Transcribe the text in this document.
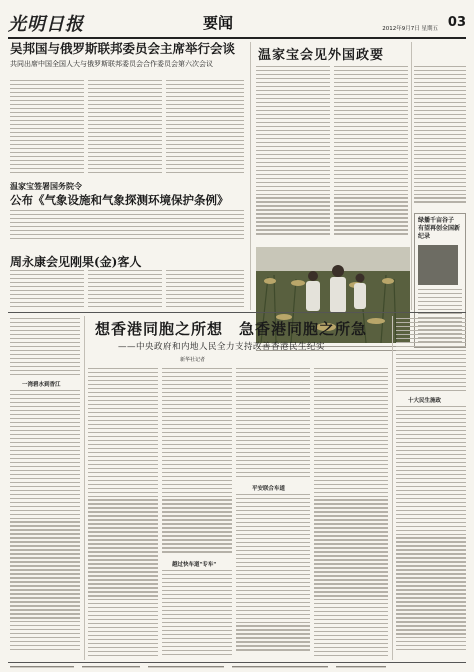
光明日报	要闻	2012年9月7日 星期五 03
吴邦国与俄罗斯联邦委员会主席举行会谈
共同出席中国全国人大与俄罗斯联邦委员会合作委员会第六次会议
温家宝会见外国政要
温家宝签署国务院令
公布《气象设施和气象探测环境保护条例》
周永康会见刚果(金)客人
绿播千亩谷子 有望再创全国新纪录
想香港同胞之所想　急香港同胞之所急
——中央政府和内地人民全力支持改善香港民生纪实
新华社记者
一湾碧水到香江
越过快车道"专车"
平安联合车道
十大民生施政
